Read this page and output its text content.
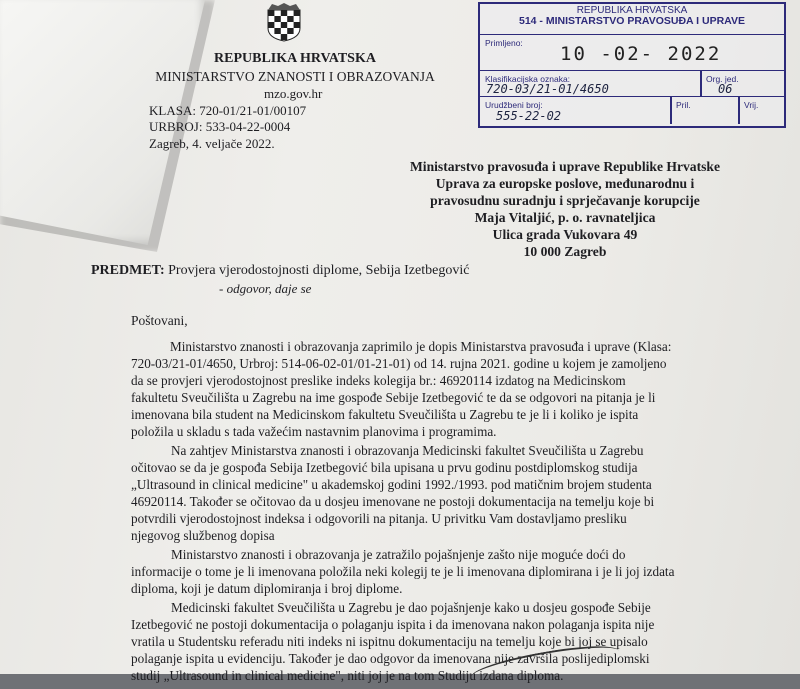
REPUBLIKA HRVATSKA
MINISTARSTVO ZNANOSTI I OBRAZOVANJA
mzo.gov.hr
KLASA: 720-01/21-01/00107
URBROJ: 533-04-22-0004
Zagreb, 4. veljače 2022.
REPUBLIKA HRVATSKA
514 - MINISTARSTVO PRAVOSUĐA I UPRAVE
Primljeno: 10 -02- 2022
Klasifikacijska oznaka:	Org. jed.
720-03/21-01/4650	06
Urudžbeni broj:	Pril.	Vrij.
555-22-02
Ministarstvo pravosuđa i uprave Republike Hrvatske
Uprava za europske poslove, međunarodnu i
pravosudnu suradnju i sprječavanje korupcije
Maja Vitaljić, p. o. ravnateljica
Ulica grada Vukovara 49
10 000 Zagreb
PREDMET: Provjera vjerodostojnosti diplome, Sebija Izetbegović
- odgovor, daje se
Poštovani,
Ministarstvo znanosti i obrazovanja zaprimilo je dopis Ministarstva pravosuđa i uprave (Klasa:
720-03/21-01/4650, Urbroj: 514-06-02-01/01-21-01) od 14. rujna 2021. godine u kojem je zamoljeno
da se provjeri vjerodostojnost preslike indeks kolegija br.: 46920114 izdatog na Medicinskom
fakultetu Sveučilišta u Zagrebu na ime gospođe Sebije Izetbegović te da se odgovori na pitanja je li
imenovana bila student na Medicinskom fakultetu Sveučilišta u Zagrebu te je li i koliko je ispita
položila u skladu s tada važećim nastavnim planovima i programima.
Na zahtjev Ministarstva znanosti i obrazovanja Medicinski fakultet Sveučilišta u Zagrebu
očitovao se da je gospođa Sebija Izetbegović bila upisana u prvu godinu postdiplomskog studija
„Ultrasound in clinical medicine" u akademskoj godini 1992./1993. pod matičnim brojem studenta
46920114. Također se očitovao da u dosjeu imenovane ne postoji dokumentacija na temelju koje bi
potvrdili vjerodostojnost indeksa i odgovorili na pitanja. U privitku Vam dostavljamo presliku
njegovog službenog dopisa
Ministarstvo znanosti i obrazovanja je zatražilo pojašnjenje zašto nije moguće doći do
informacije o tome je li imenovana položila neki kolegij te je li imenovana diplomirana i je li joj izdata
diploma, koji je datum diplomiranja i broj diplome.
Medicinski fakultet Sveučilišta u Zagrebu je dao pojašnjenje kako u dosjeu gospođe Sebije
Izetbegović ne postoji dokumentacija o polaganju ispita i da imenovana nakon polaganja ispita nije
vratila u Studentsku referadu niti indeks ni ispitnu dokumentaciju na temelju koje bi joj se upisalo
polaganje ispita u evidenciju. Također je dao odgovor da imenovana nije završila poslijediplomski
studij „Ultrasound in clinical medicine", niti joj je na tom Studiju izdana diploma.
